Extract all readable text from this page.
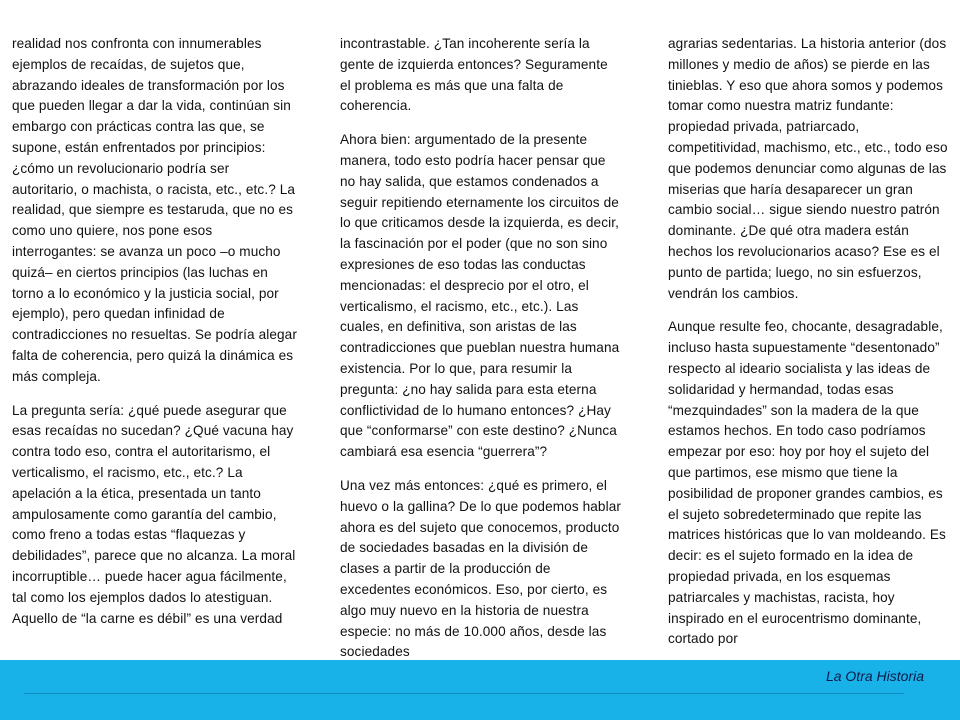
realidad nos confronta con innumerables ejemplos de recaídas, de sujetos que, abrazando ideales de transformación por los que pueden llegar a dar la vida, continúan sin embargo con prácticas contra las que, se supone, están enfrentados por principios: ¿cómo un revolucionario podría ser autoritario, o machista, o racista, etc., etc.? La realidad, que siempre es testaruda, que no es como uno quiere, nos pone esos interrogantes: se avanza un poco –o mucho quizá– en ciertos principios (las luchas en torno a lo económico y la justicia social, por ejemplo), pero quedan infinidad de contradicciones no resueltas. Se podría alegar falta de coherencia, pero quizá la dinámica es más compleja.

La pregunta sería: ¿qué puede asegurar que esas recaídas no sucedan? ¿Qué vacuna hay contra todo eso, contra el autoritarismo, el verticalismo, el racismo, etc., etc.? La apelación a la ética, presentada un tanto ampulosamente como garantía del cambio, como freno a todas estas “flaquezas y debilidades”, parece que no alcanza. La moral incorruptible… puede hacer agua fácilmente, tal como los ejemplos dados lo atestiguan. Aquello de “la carne es débil” es una verdad

incontrastable. ¿Tan incoherente sería la gente de izquierda entonces? Seguramente el problema es más que una falta de coherencia.

Ahora bien: argumentado de la presente manera, todo esto podría hacer pensar que no hay salida, que estamos condenados a seguir repitiendo eternamente los circuitos de lo que criticamos desde la izquierda, es decir, la fascinación por el poder (que no son sino expresiones de eso todas las conductas mencionadas: el desprecio por el otro, el verticalismo, el racismo, etc., etc.). Las cuales, en definitiva, son aristas de las contradicciones que pueblan nuestra humana existencia. Por lo que, para resumir la pregunta: ¿no hay salida para esta eterna conflictividad de lo humano entonces? ¿Hay que “conformarse” con este destino? ¿Nunca cambiará esa esencia “guerrera”?

Una vez más entonces: ¿qué es primero, el huevo o la gallina? De lo que podemos hablar ahora es del sujeto que conocemos, producto de sociedades basadas en la división de clases a partir de la producción de excedentes económicos. Eso, por cierto, es algo muy nuevo en la historia de nuestra especie: no más de 10.000 años, desde las sociedades

agrarias sedentarias. La historia anterior (dos millones y medio de años) se pierde en las tinieblas. Y eso que ahora somos y podemos tomar como nuestra matriz fundante: propiedad privada, patriarcado, competitividad, machismo, etc., etc., todo eso que podemos denunciar como algunas de las miserias que haría desaparecer un gran cambio social… sigue siendo nuestro patrón dominante. ¿De qué otra madera están hechos los revolucionarios acaso? Ese es el punto de partida; luego, no sin esfuerzos, vendrán los cambios.

Aunque resulte feo, chocante, desagradable, incluso hasta supuestamente “desentonado” respecto al ideario socialista y las ideas de solidaridad y hermandad, todas esas “mezquindades” son la madera de la que estamos hechos. En todo caso podríamos empezar por eso: hoy por hoy el sujeto del que partimos, ese mismo que tiene la posibilidad de proponer grandes cambios, es el sujeto sobredeterminado que repite las matrices históricas que lo van moldeando. Es decir: es el sujeto formado en la idea de propiedad privada, en los esquemas patriarcales y machistas, racista, hoy inspirado en el eurocentrismo dominante, cortado por

La Otra Historia
